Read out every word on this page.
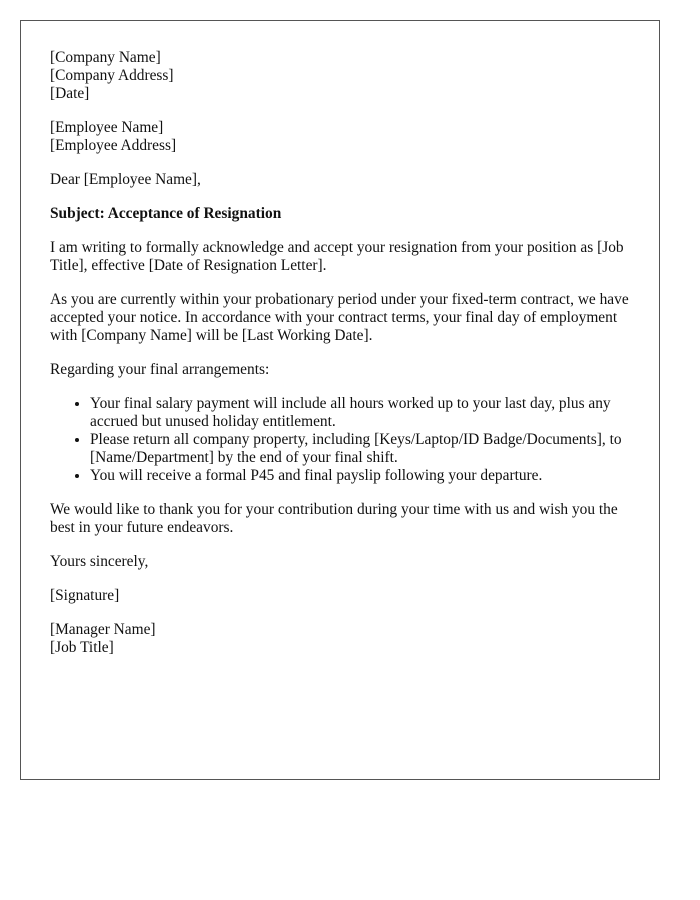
[Company Name]
[Company Address]
[Date]
[Employee Name]
[Employee Address]

Dear [Employee Name],

Subject: Acceptance of Resignation

I am writing to formally acknowledge and accept your resignation from your position as [Job Title], effective [Date of Resignation Letter].

As you are currently within your probationary period under your fixed-term contract, we have accepted your notice. In accordance with your contract terms, your final day of employment with [Company Name] will be [Last Working Date].

Regarding your final arrangements:

• Your final salary payment will include all hours worked up to your last day, plus any accrued but unused holiday entitlement.
• Please return all company property, including [Keys/Laptop/ID Badge/Documents], to [Name/Department] by the end of your final shift.
• You will receive a formal P45 and final payslip following your departure.

We would like to thank you for your contribution during your time with us and wish you the best in your future endeavors.

Yours sincerely,

[Signature]

[Manager Name]
[Job Title]
